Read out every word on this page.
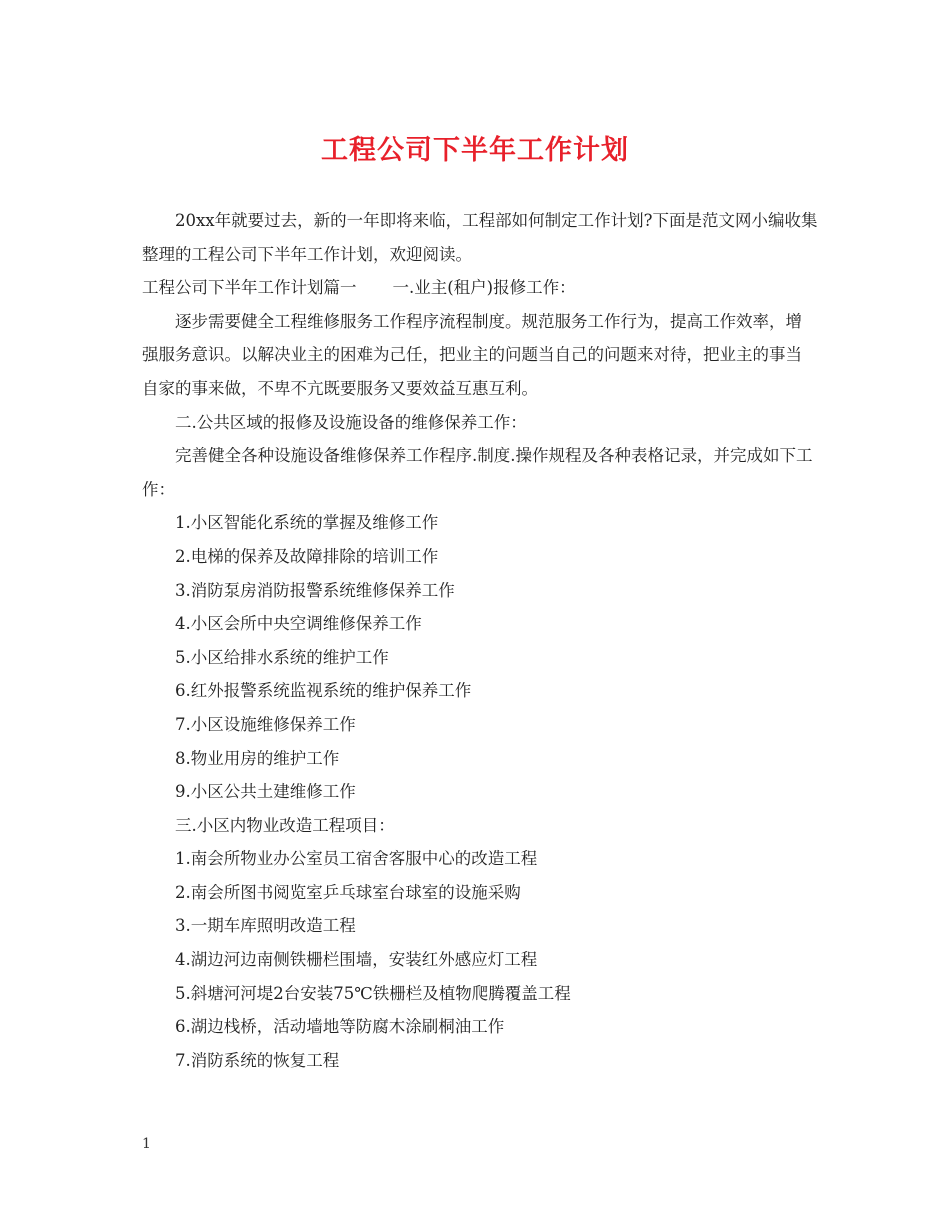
工程公司下半年工作计划

20xx年就要过去，新的一年即将来临，工程部如何制定工作计划?下面是范文网小编收集整理的工程公司下半年工作计划，欢迎阅读。

工程公司下半年工作计划篇一 一.业主(租户)报修工作：

逐步需要健全工程维修服务工作程序流程制度。规范服务工作行为，提高工作效率，增强服务意识。以解决业主的困难为己任，把业主的问题当自己的问题来对待，把业主的事当自家的事来做，不卑不亢既要服务又要效益互惠互利。

二.公共区域的报修及设施设备的维修保养工作：

完善健全各种设施设备维修保养工作程序.制度.操作规程及各种表格记录，并完成如下工作：

1.小区智能化系统的掌握及维修工作

2.电梯的保养及故障排除的培训工作

3.消防泵房消防报警系统维修保养工作

4.小区会所中央空调维修保养工作

5.小区给排水系统的维护工作

6.红外报警系统监视系统的维护保养工作

7.小区设施维修保养工作

8.物业用房的维护工作

9.小区公共土建维修工作

三.小区内物业改造工程项目：

1.南会所物业办公室员工宿舍客服中心的改造工程

2.南会所图书阅览室乒乓球室台球室的设施采购

3.一期车库照明改造工程

4.湖边河边南侧铁栅栏围墙，安装红外感应灯工程

5.斜塘河河堤2台安装75℃铁栅栏及植物爬腾覆盖工程

6.湖边栈桥，活动墙地等防腐木涂刷桐油工作

7.消防系统的恢复工程

1
